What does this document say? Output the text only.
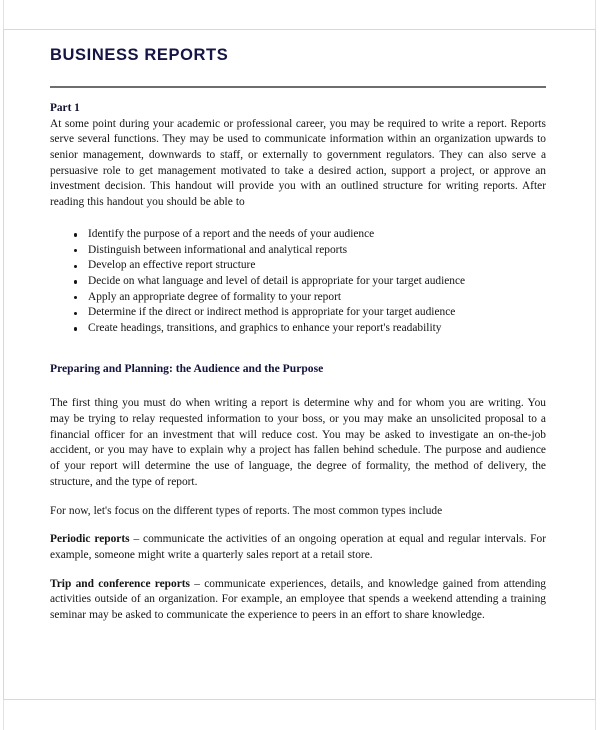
BUSINESS REPORTS
Part 1

At some point during your academic or professional career, you may be required to write a report. Reports serve several functions. They may be used to communicate information within an organization upwards to senior management, downwards to staff, or externally to government regulators. They can also serve a persuasive role to get management motivated to take a desired action, support a project, or approve an investment decision. This handout will provide you with an outlined structure for writing reports. After reading this handout you should be able to

Identify the purpose of a report and the needs of your audience
Distinguish between informational and analytical reports
Develop an effective report structure
Decide on what language and level of detail is appropriate for your target audience
Apply an appropriate degree of formality to your report
Determine if the direct or indirect method is appropriate for your target audience
Create headings, transitions, and graphics to enhance your report's readability
Preparing and Planning: the Audience and the Purpose

The first thing you must do when writing a report is determine why and for whom you are writing. You may be trying to relay requested information to your boss, or you may make an unsolicited proposal to a financial officer for an investment that will reduce cost. You may be asked to investigate an on-the-job accident, or you may have to explain why a project has fallen behind schedule. The purpose and audience of your report will determine the use of language, the degree of formality, the method of delivery, the structure, and the type of report.

For now, let's focus on the different types of reports. The most common types include

Periodic reports – communicate the activities of an ongoing operation at equal and regular intervals. For example, someone might write a quarterly sales report at a retail store.

Trip and conference reports – communicate experiences, details, and knowledge gained from attending activities outside of an organization. For example, an employee that spends a weekend attending a training seminar may be asked to communicate the experience to peers in an effort to share knowledge.
